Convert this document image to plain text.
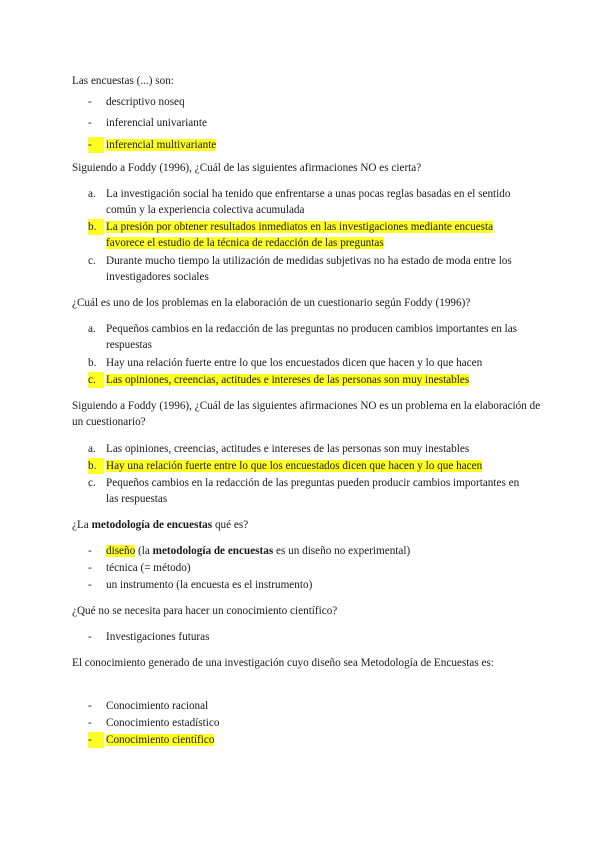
Las encuestas (...) son:

-	descriptivo noseq
-	inferencial univariante
-	inferencial multivariante

Siguiendo a Foddy (1996), ¿Cuál de las siguientes afirmaciones NO es cierta?

a. La investigación social ha tenido que enfrentarse a unas pocas reglas basadas en el sentido común y la experiencia colectiva acumulada
b. La presión por obtener resultados inmediatos en las investigaciones mediante encuesta favorece el estudio de la técnica de redacción de las preguntas
c. Durante mucho tiempo la utilización de medidas subjetivas no ha estado de moda entre los investigadores sociales

¿Cuál es uno de los problemas en la elaboración de un cuestionario según Foddy (1996)?

a. Pequeños cambios en la redacción de las preguntas no producen cambios importantes en las respuestas
b. Hay una relación fuerte entre lo que los encuestados dicen que hacen y lo que hacen
c. Las opiniones, creencias, actitudes e intereses de las personas son muy inestables

Siguiendo a Foddy (1996), ¿Cuál de las siguientes afirmaciones NO es un problema en la elaboración de un cuestionario?

a. Las opiniones, creencias, actitudes e intereses de las personas son muy inestables
b. Hay una relación fuerte entre lo que los encuestados dicen que hacen y lo que hacen
c. Pequeños cambios en la redacción de las preguntas pueden producir cambios importantes en las respuestas

¿La metodología de encuestas qué es?

-	diseño (la metodología de encuestas es un diseño no experimental)
-	técnica (= método)
-	un instrumento (la encuesta es el instrumento)

¿Qué no se necesita para hacer un conocimiento científico?

-	Investigaciones futuras

El conocimiento generado de una investigación cuyo diseño sea Metodología de Encuestas es:

-	Conocimiento racional
-	Conocimiento estadístico
-	Conocimiento científico
